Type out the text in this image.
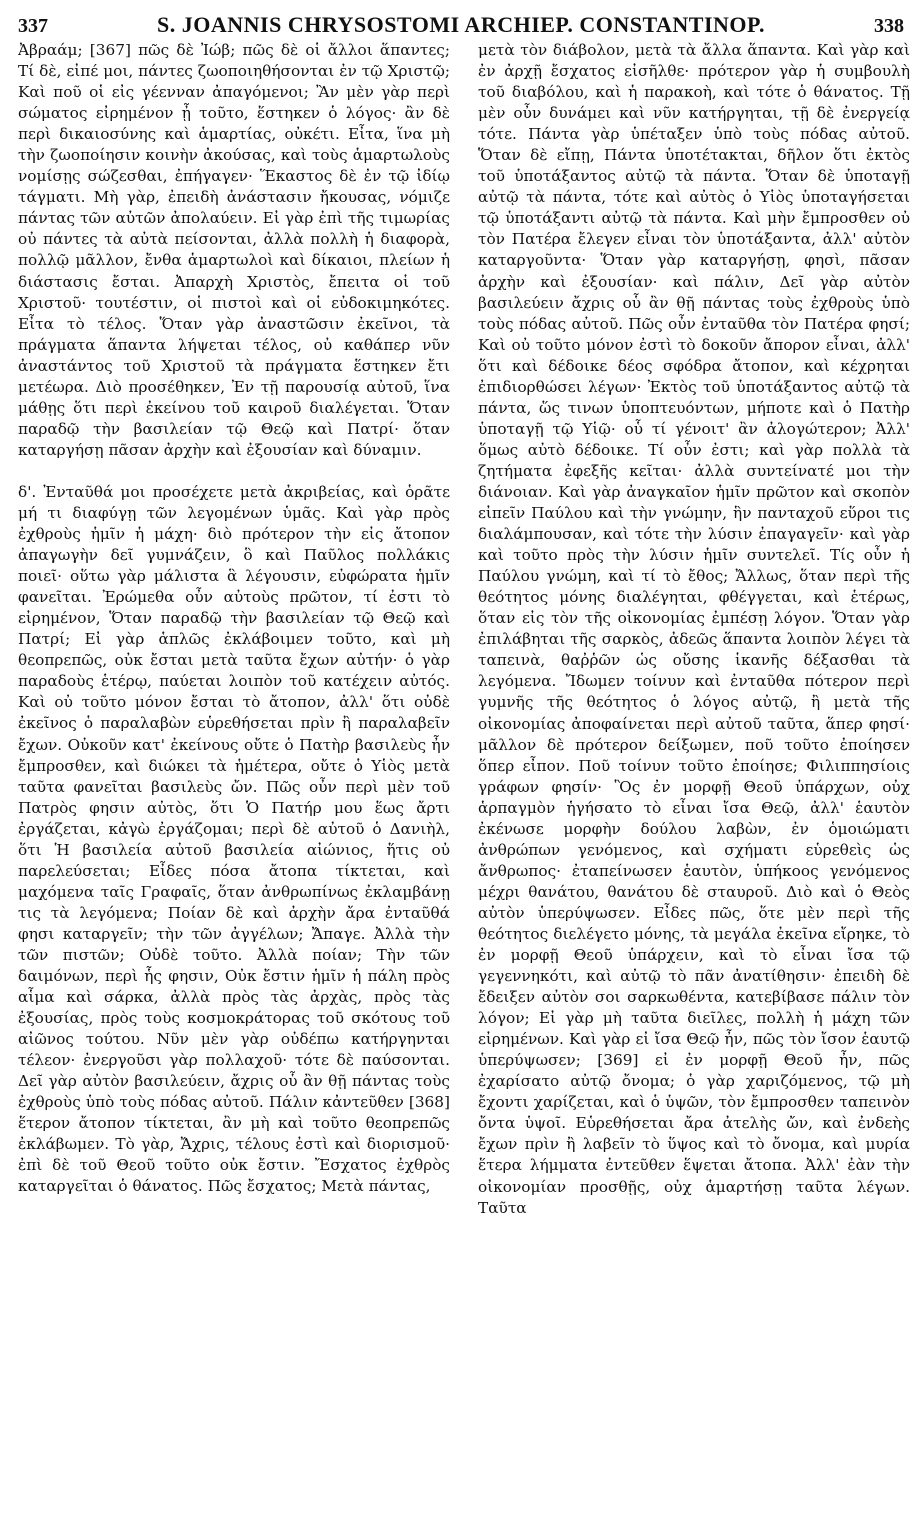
337	S. JOANNIS CHRYSOSTOMI ARCHIEP. CONSTANTINOP.	338

Ἀβραάμ; [367] πῶς δὲ Ἰώβ; πῶς δὲ οἱ ἄλλοι ἅπαντες; Τί δὲ, εἰπέ μοι, πάντες ζωοποιηθήσονται ἐν τῷ Χριστῷ; Καὶ ποῦ οἱ εἰς γέενναν ἀπαγόμενοι; Ἂν μὲν γὰρ περὶ σώματος εἰρημένον ᾖ τοῦτο, ἕστηκεν ὁ λόγος· ἂν δὲ περὶ δικαιοσύνης καὶ ἁμαρτίας, οὐκέτι. Εἶτα, ἵνα μὴ τὴν ζωοποίησιν κοινὴν ἀκούσας, καὶ τοὺς ἁμαρτωλοὺς νομίσῃς σώζεσθαι, ἐπήγαγεν· Ἕκαστος δὲ ἐν τῷ ἰδίῳ τάγματι. Μὴ γὰρ, ἐπειδὴ ἀνάστασιν ἤκουσας, νόμιζε πάντας τῶν αὐτῶν ἀπολαύειν. Εἰ γὰρ ἐπὶ τῆς τιμωρίας οὐ πάντες τὰ αὐτὰ πείσονται, ἀλλὰ πολλὴ ἡ διαφορὰ, πολλῷ μᾶλλον, ἔνθα ἁμαρτωλοὶ καὶ δίκαιοι, πλείων ἡ διάστασις ἔσται. Ἀπαρχὴ Χριστὸς, ἔπειτα οἱ τοῦ Χριστοῦ· τουτέστιν, οἱ πιστοὶ καὶ οἱ εὐδοκιμηκότες. Εἶτα τὸ τέλος. Ὅταν γὰρ ἀναστῶσιν ἐκεῖνοι, τὰ πράγματα ἅπαντα λήψεται τέλος, οὐ καθάπερ νῦν ἀναστάντος τοῦ Χριστοῦ τὰ πράγματα ἕστηκεν ἔτι μετέωρα. Διὸ προσέθηκεν, Ἐν τῇ παρουσίᾳ αὐτοῦ, ἵνα μάθῃς ὅτι περὶ ἐκείνου τοῦ καιροῦ διαλέγεται. Ὅταν παραδῷ τὴν βασιλείαν τῷ Θεῷ καὶ Πατρί· ὅταν καταργήσῃ πᾶσαν ἀρχὴν καὶ ἐξουσίαν καὶ δύναμιν.

δ'. Ἐνταῦθά μοι προσέχετε μετὰ ἀκριβείας, καὶ ὁρᾶτε μή τι διαφύγῃ τῶν λεγομένων ὑμᾶς. Καὶ γὰρ πρὸς ἐχθροὺς ἡμῖν ἡ μάχη· διὸ πρότερον τὴν εἰς ἄτοπον ἀπαγωγὴν δεῖ γυμνάζειν, ὃ καὶ Παῦλος πολλάκις ποιεῖ· οὕτω γὰρ μάλιστα ἃ λέγουσιν, εὐφώρατα ἡμῖν φανεῖται. Ἐρώμεθα οὖν αὐτοὺς πρῶτον, τί ἐστι τὸ εἰρημένον, Ὅταν παραδῷ τὴν βασιλείαν τῷ Θεῷ καὶ Πατρί; Εἰ γὰρ ἁπλῶς ἐκλάβοιμεν τοῦτο, καὶ μὴ θεοπρεπῶς, οὐκ ἔσται μετὰ ταῦτα ἔχων αὐτήν· ὁ γὰρ παραδοὺς ἑτέρῳ, παύεται λοιπὸν τοῦ κατέχειν αὐτός. Καὶ οὐ τοῦτο μόνον ἔσται τὸ ἄτοπον, ἀλλ' ὅτι οὐδὲ ἐκεῖνος ὁ παραλαβὼν εὑρεθήσεται πρὶν ἢ παραλαβεῖν ἔχων. Οὐκοῦν κατ' ἐκείνους οὔτε ὁ Πατὴρ βασιλεὺς ἦν ἔμπροσθεν, καὶ διώκει τὰ ἡμέτερα, οὔτε ὁ Υἱὸς μετὰ ταῦτα φανεῖται βασιλεὺς ὤν. Πῶς οὖν περὶ μὲν τοῦ Πατρὸς φησιν αὐτὸς, ὅτι Ὁ Πατήρ μου ἕως ἄρτι ἐργάζεται, κἀγὼ ἐργάζομαι; περὶ δὲ αὐτοῦ ὁ Δανιὴλ, ὅτι Ἡ βασιλεία αὐτοῦ βασιλεία αἰώνιος, ἥτις οὐ παρελεύσεται; Εἶδες πόσα ἄτοπα τίκτεται, καὶ μαχόμενα ταῖς Γραφαῖς, ὅταν ἀνθρωπίνως ἐκλαμβάνῃ τις τὰ λεγόμενα; Ποίαν δὲ καὶ ἀρχὴν ἄρα ἐνταῦθά φησι καταργεῖν; τὴν τῶν ἀγγέλων; Ἄπαγε. Ἀλλὰ τὴν τῶν πιστῶν; Οὐδὲ τοῦτο. Ἀλλὰ ποίαν; Τὴν τῶν δαιμόνων, περὶ ἧς φησιν, Οὐκ ἔστιν ἡμῖν ἡ πάλη πρὸς αἷμα καὶ σάρκα, ἀλλὰ πρὸς τὰς ἀρχὰς, πρὸς τὰς ἐξουσίας, πρὸς τοὺς κοσμοκράτορας τοῦ σκότους τοῦ αἰῶνος τούτου. Νῦν μὲν γὰρ οὐδέπω κατήργηνται τέλεον· ἐνεργοῦσι γὰρ πολλαχοῦ· τότε δὲ παύσονται. Δεῖ γὰρ αὐτὸν βασιλεύειν, ἄχρις οὗ ἂν θῇ πάντας τοὺς ἐχθροὺς ὑπὸ τοὺς πόδας αὐτοῦ. Πάλιν κἀντεῦθεν [368] ἕτερον ἄτοπον τίκτεται, ἂν μὴ καὶ τοῦτο θεοπρεπῶς ἐκλάβωμεν. Τὸ γὰρ, Ἄχρις, τέλους ἐστὶ καὶ διορισμοῦ· ἐπὶ δὲ τοῦ Θεοῦ τοῦτο οὐκ ἔστιν. Ἔσχατος ἐχθρὸς καταργεῖται ὁ θάνατος. Πῶς ἔσχατος; Μετὰ πάντας,

μετὰ τὸν διάβολον, μετὰ τὰ ἄλλα ἅπαντα. Καὶ γὰρ καὶ ἐν ἀρχῇ ἔσχατος εἰσῆλθε· πρότερον γὰρ ἡ συμβουλὴ τοῦ διαβόλου, καὶ ἡ παρακοὴ, καὶ τότε ὁ θάνατος. Τῇ μὲν οὖν δυνάμει καὶ νῦν κατήργηται, τῇ δὲ ἐνεργείᾳ τότε. Πάντα γὰρ ὑπέταξεν ὑπὸ τοὺς πόδας αὐτοῦ. Ὅταν δὲ εἴπῃ, Πάντα ὑποτέτακται, δῆλον ὅτι ἐκτὸς τοῦ ὑποτάξαντος αὐτῷ τὰ πάντα. Ὅταν δὲ ὑποταγῇ αὐτῷ τὰ πάντα, τότε καὶ αὐτὸς ὁ Υἱὸς ὑποταγήσεται τῷ ὑποτάξαντι αὐτῷ τὰ πάντα. Καὶ μὴν ἔμπροσθεν οὐ τὸν Πατέρα ἔλεγεν εἶναι τὸν ὑποτάξαντα, ἀλλ' αὐτὸν καταργοῦντα· Ὅταν γὰρ καταργήσῃ, φησὶ, πᾶσαν ἀρχὴν καὶ ἐξουσίαν· καὶ πάλιν, Δεῖ γὰρ αὐτὸν βασιλεύειν ἄχρις οὗ ἂν θῇ πάντας τοὺς ἐχθροὺς ὑπὸ τοὺς πόδας αὐτοῦ. Πῶς οὖν ἐνταῦθα τὸν Πατέρα φησί; Καὶ οὐ τοῦτο μόνον ἐστὶ τὸ δοκοῦν ἄπορον εἶναι, ἀλλ' ὅτι καὶ δέδοικε δέος σφόδρα ἄτοπον, καὶ κέχρηται ἐπιδιορθώσει λέγων· Ἐκτὸς τοῦ ὑποτάξαντος αὐτῷ τὰ πάντα, ὥς τινων ὑποπτευόντων, μήποτε καὶ ὁ Πατὴρ ὑποταγῇ τῷ Υἱῷ· οὗ τί γένοιτ' ἂν ἀλογώτερον; Ἀλλ' ὅμως αὐτὸ δέδοικε. Τί οὖν ἐστι; καὶ γὰρ πολλὰ τὰ ζητήματα ἐφεξῆς κεῖται· ἀλλὰ συντείνατέ μοι τὴν διάνοιαν. Καὶ γὰρ ἀναγκαῖον ἡμῖν πρῶτον καὶ σκοπὸν εἰπεῖν Παύλου καὶ τὴν γνώμην, ἣν πανταχοῦ εὕροι τις διαλάμπουσαν, καὶ τότε τὴν λύσιν ἐπαγαγεῖν· καὶ γὰρ καὶ τοῦτο πρὸς τὴν λύσιν ἡμῖν συντελεῖ. Τίς οὖν ἡ Παύλου γνώμη, καὶ τί τὸ ἔθος; Ἄλλως, ὅταν περὶ τῆς θεότητος μόνης διαλέγηται, φθέγγεται, καὶ ἑτέρως, ὅταν εἰς τὸν τῆς οἰκονομίας ἐμπέσῃ λόγον. Ὅταν γὰρ ἐπιλάβηται τῆς σαρκὸς, ἀδεῶς ἅπαντα λοιπὸν λέγει τὰ ταπεινὰ, θαῤῥῶν ὡς οὔσης ἱκανῆς δέξασθαι τὰ λεγόμενα. Ἴδωμεν τοίνυν καὶ ἐνταῦθα πότερον περὶ γυμνῆς τῆς θεότητος ὁ λόγος αὐτῷ, ἢ μετὰ τῆς οἰκονομίας ἀποφαίνεται περὶ αὐτοῦ ταῦτα, ἅπερ φησί· μᾶλλον δὲ πρότερον δείξωμεν, ποῦ τοῦτο ἐποίησεν ὅπερ εἶπον. Ποῦ τοίνυν τοῦτο ἐποίησε; Φιλιππησίοις γράφων φησίν· Ὃς ἐν μορφῇ Θεοῦ ὑπάρχων, οὐχ ἁρπαγμὸν ἡγήσατο τὸ εἶναι ἴσα Θεῷ, ἀλλ' ἑαυτὸν ἐκένωσε μορφὴν δούλου λαβὼν, ἐν ὁμοιώματι ἀνθρώπων γενόμενος, καὶ σχήματι εὑρεθεὶς ὡς ἄνθρωπος· ἐταπείνωσεν ἑαυτὸν, ὑπήκοος γενόμενος μέχρι θανάτου, θανάτου δὲ σταυροῦ. Διὸ καὶ ὁ Θεὸς αὐτὸν ὑπερύψωσεν. Εἶδες πῶς, ὅτε μὲν περὶ τῆς θεότητος διελέγετο μόνης, τὰ μεγάλα ἐκεῖνα εἴρηκε, τὸ ἐν μορφῇ Θεοῦ ὑπάρχειν, καὶ τὸ εἶναι ἴσα τῷ γεγεννηκότι, καὶ αὐτῷ τὸ πᾶν ἀνατίθησιν· ἐπειδὴ δὲ ἔδειξεν αὐτὸν σοι σαρκωθέντα, κατεβίβασε πάλιν τὸν λόγον; Εἰ γὰρ μὴ ταῦτα διεῖλες, πολλὴ ἡ μάχη τῶν εἰρημένων. Καὶ γὰρ εἰ ἴσα Θεῷ ἦν, πῶς τὸν ἴσον ἑαυτῷ ὑπερύψωσεν; [369] εἰ ἐν μορφῇ Θεοῦ ἦν, πῶς ἐχαρίσατο αὐτῷ ὄνομα; ὁ γὰρ χαριζόμενος, τῷ μὴ ἔχοντι χαρίζεται, καὶ ὁ ὑψῶν, τὸν ἔμπροσθεν ταπεινὸν ὄντα ὑψοῖ. Εὑρεθήσεται ἄρα ἀτελὴς ὤν, καὶ ἐνδεὴς ἔχων πρὶν ἢ λαβεῖν τὸ ὕψος καὶ τὸ ὄνομα, καὶ μυρία ἕτερα λήμματα ἐντεῦθεν ἕψεται ἄτοπα. Ἀλλ' ἐὰν τὴν οἰκονομίαν προσθῇς, οὐχ ἁμαρτήσῃ ταῦτα λέγων. Ταῦτα
